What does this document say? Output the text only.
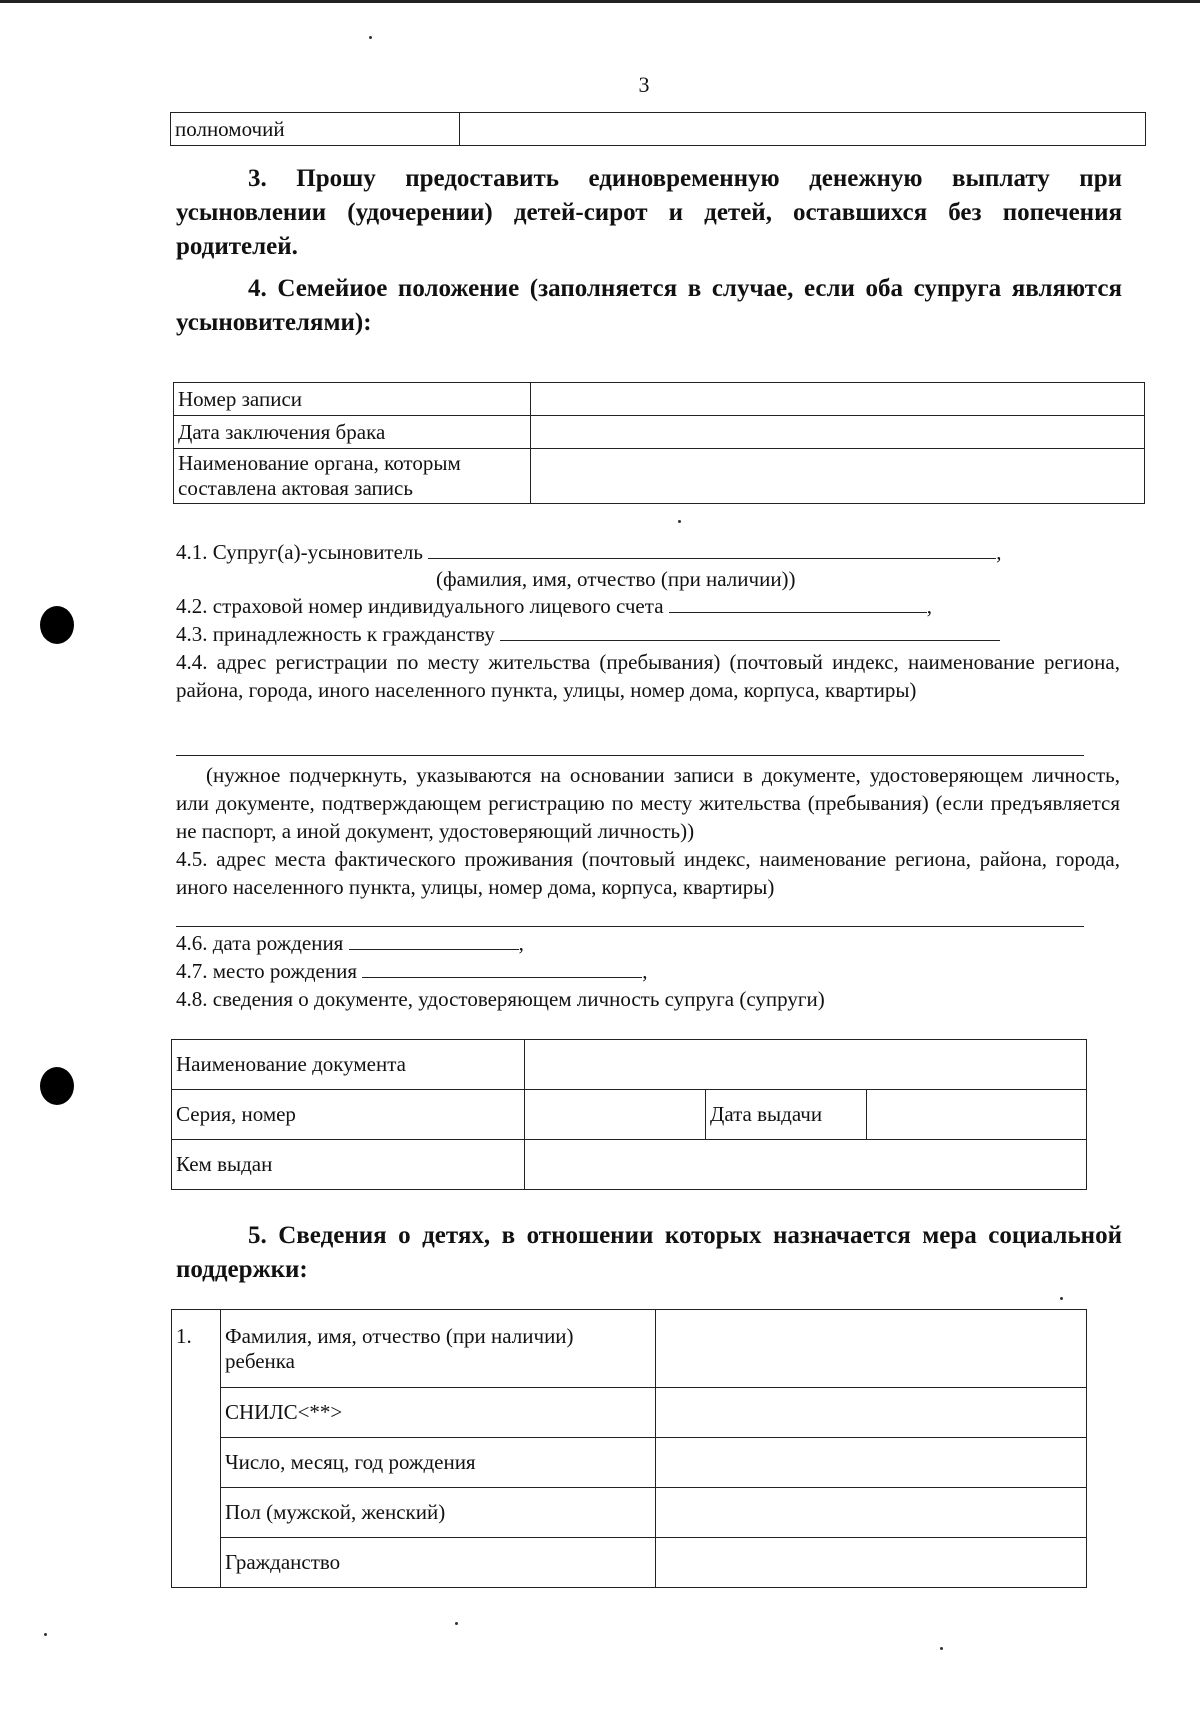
3
полномочий	
3. Прошу предоставить единовременную денежную выплату при усыновлении (удочерении) детей-сирот и детей, оставшихся без попечения родителей.
4. Семейиое положение (заполняется в случае, если оба супруга являются усыновителями):
Номер записи	
Дата заключения брака	

Наименование органа, которым
составлена актовая запись	

4.1. Супруг(а)-усыновитель	,
(фамилия, имя, отчество (при наличии))
4.2. страховой номер индивидуального лицевого счета	,
4.3. принадлежность к гражданству
4.4. адрес регистрации по месту жительства (пребывания) (почтовый индекс, наименование региона, района, города, иного населенного пункта, улицы, номер дома, корпуса, квартиры)
(нужное подчеркнуть, указываются на основании записи в документе, удостоверяющем личность, или документе, подтверждающем регистрацию по месту жительства (пребывания) (если предъявляется не паспорт, а иной документ, удостоверяющий личность))
4.5. адрес места фактического проживания (почтовый индекс, наименование региона, района, города, иного населенного пункта, улицы, номер дома, корпуса, квартиры)
4.6. дата рождения	,
4.7. место рождения	,
4.8. сведения о документе, удостоверяющем личность супруга (супруги)
Наименование документа			
Серия, номер		Дата выдачи	
Кем выдан			
5. Сведения о детях, в отношении которых назначается мера социальной поддержки:
1.	Фамилия, имя, отчество (при наличии)
ребенка	

	СНИЛС<**>	
	Число, месяц, год рождения	
	Пол (мужской, женский)	
	Гражданство	
